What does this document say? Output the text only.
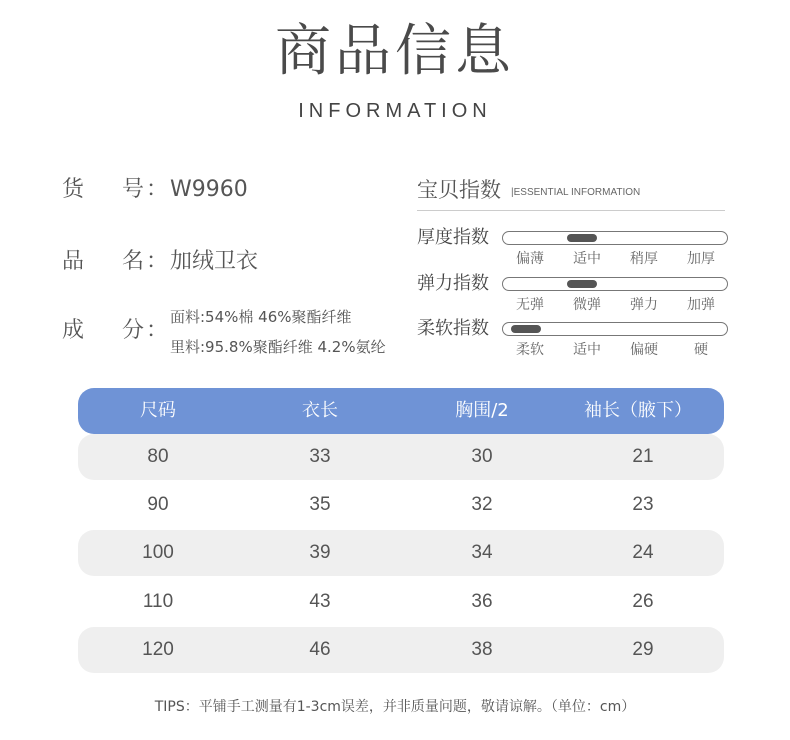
商品信息
INFORMATION
货 号 ： W9960
品 名 ： 加绒卫衣
成 分 ：
面料:54%棉 46%聚酯纤维
里料:95.8%聚酯纤维 4.2%氨纶
宝贝指数 |ESSENTIAL INFORMATION
厚度指数
偏薄 适中 稍厚 加厚
弹力指数
无弹 微弹 弹力 加弹
柔软指数
柔软 适中 偏硬	硬
尺码	衣长	胸围/2	袖长（腋下）
80	33	30	21
90	35	32	23
100	39	34	24
110	43	36	26
120	46	38	29
TIPS：平铺手工测量有1-3cm误差，并非质量问题，敬请谅解。（单位：cm）
